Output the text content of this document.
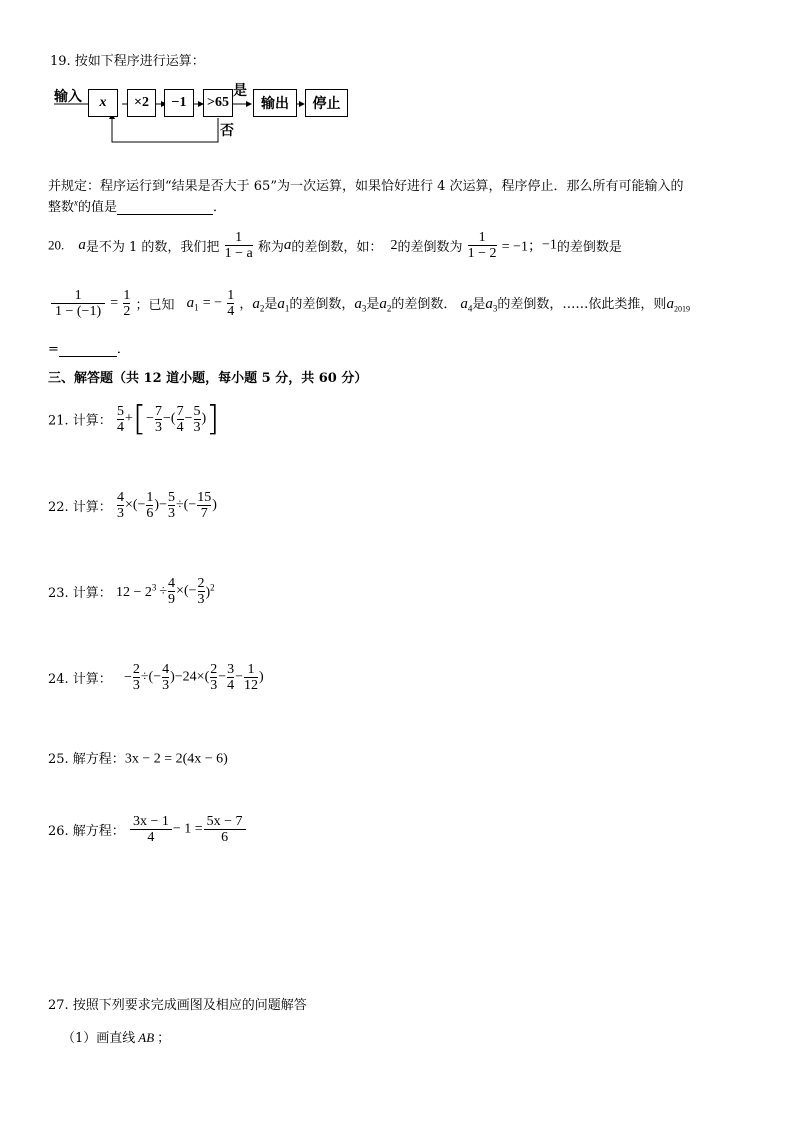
19. 按如下程序进行运算：
输入	x	×2	−1	>65
是
否
输出	停止
并规定：程序运行到“结果是否大于 65”为一次运算，如果恰好进行 4 次运算，程序停止．那么所有可能输入的
整数$^x$的值是	．
20. a是不为 1 的数，我们把 $\frac{1}{1 - a}$ 称为a的差倒数，如： 2的差倒数为 $\frac{1}{1 - 2} = -1$；−1的差倒数是
$\frac{1}{1 - (-1)} = \frac{1}{2}$ ；已知 $a_1$ = − $\frac{1}{4}$ ，$a_2$是$a_1$的差倒数，$a_3$是$a_2$的差倒数． $a_4$是$a_3$的差倒数，……依此类推，则$a_{2019}$
=	．
三、解答题（共 12 道小题，每小题 5 分，共 60 分）
21. 计算： $\frac{5}{4}$ +[− $\frac{7}{3}$ −( $\frac{7}{4} - \frac{5}{3}$ )]
22. 计算： $\frac{4}{3}$ ×(− $\frac{1}{6}$ )− $\frac{5}{3}$ ÷(− $\frac{15}{7}$ )
23. 计算： $12 - 2^3 \div \frac{4}{9}$ ×(− $\frac{2}{3} )^2$
24. 计算： − $\frac{2}{3}$ ÷(− $\frac{4}{3} )-24\times( \frac{2}{3} - \frac{3}{4} - \frac{1}{12}$ )
25. 解方程：3x − 2 = 2(4x − 6)
26. 解方程： $\frac{3x - 1}{4} - 1 = \frac{5x - 7}{6}$
27. 按照下列要求完成画图及相应的问题解答
（1）画直线 AB ；
